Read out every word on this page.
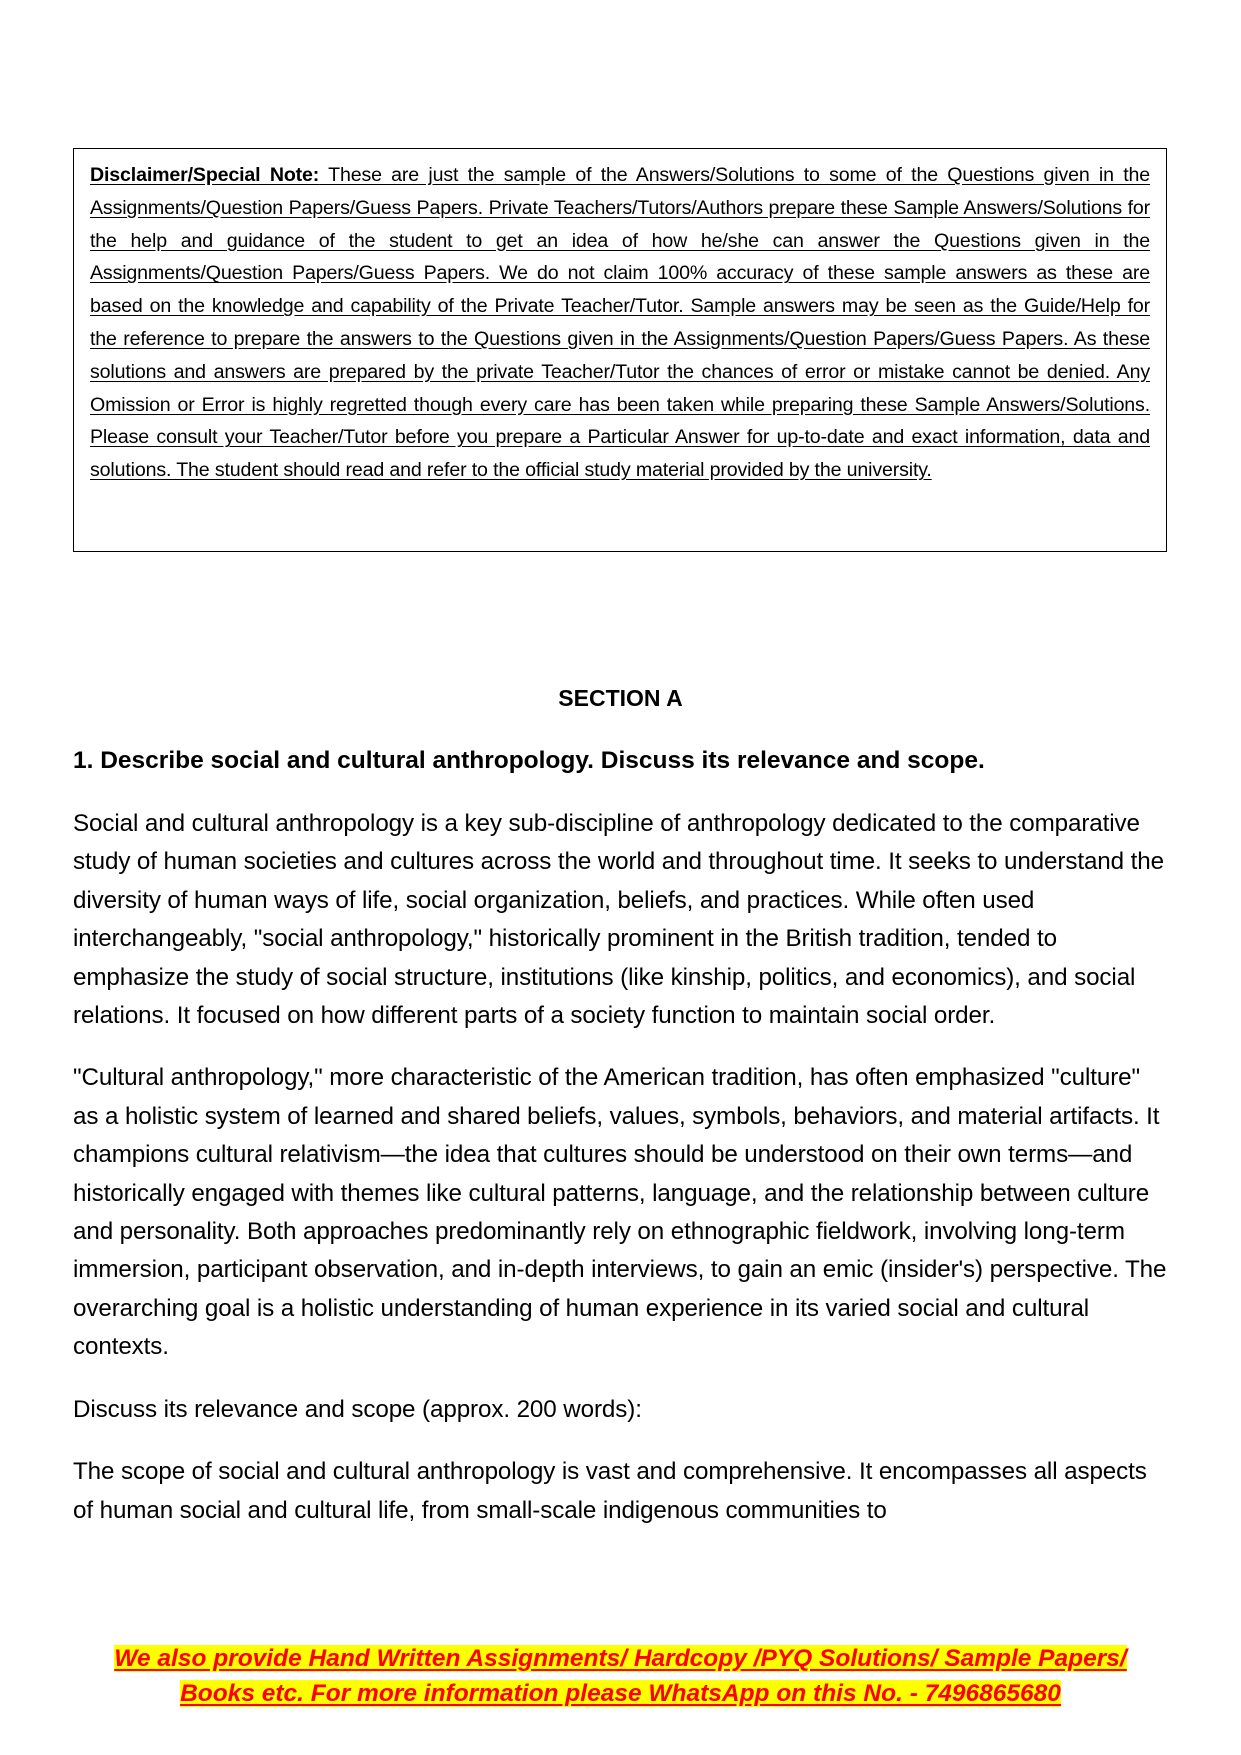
Disclaimer/Special Note: These are just the sample of the Answers/Solutions to some of the Questions given in the Assignments/Question Papers/Guess Papers. Private Teachers/Tutors/Authors prepare these Sample Answers/Solutions for the help and guidance of the student to get an idea of how he/she can answer the Questions given in the Assignments/Question Papers/Guess Papers. We do not claim 100% accuracy of these sample answers as these are based on the knowledge and capability of the Private Teacher/Tutor. Sample answers may be seen as the Guide/Help for the reference to prepare the answers to the Questions given in the Assignments/Question Papers/Guess Papers. As these solutions and answers are prepared by the private Teacher/Tutor the chances of error or mistake cannot be denied. Any Omission or Error is highly regretted though every care has been taken while preparing these Sample Answers/Solutions. Please consult your Teacher/Tutor before you prepare a Particular Answer for up-to-date and exact information, data and solutions. The student should read and refer to the official study material provided by the university.
SECTION A
1. Describe social and cultural anthropology. Discuss its relevance and scope.

Social and cultural anthropology is a key sub-discipline of anthropology dedicated to the comparative study of human societies and cultures across the world and throughout time. It seeks to understand the diversity of human ways of life, social organization, beliefs, and practices. While often used interchangeably, "social anthropology," historically prominent in the British tradition, tended to emphasize the study of social structure, institutions (like kinship, politics, and economics), and social relations. It focused on how different parts of a society function to maintain social order.

"Cultural anthropology," more characteristic of the American tradition, has often emphasized "culture" as a holistic system of learned and shared beliefs, values, symbols, behaviors, and material artifacts. It champions cultural relativism—the idea that cultures should be understood on their own terms—and historically engaged with themes like cultural patterns, language, and the relationship between culture and personality. Both approaches predominantly rely on ethnographic fieldwork, involving long-term immersion, participant observation, and in-depth interviews, to gain an emic (insider's) perspective. The overarching goal is a holistic understanding of human experience in its varied social and cultural contexts.

Discuss its relevance and scope (approx. 200 words):

The scope of social and cultural anthropology is vast and comprehensive. It encompasses all aspects of human social and cultural life, from small-scale indigenous communities to

We also provide Hand Written Assignments/ Hardcopy /PYQ Solutions/ Sample Papers/
Books etc. For more information please WhatsApp on this No. - 7496865680
